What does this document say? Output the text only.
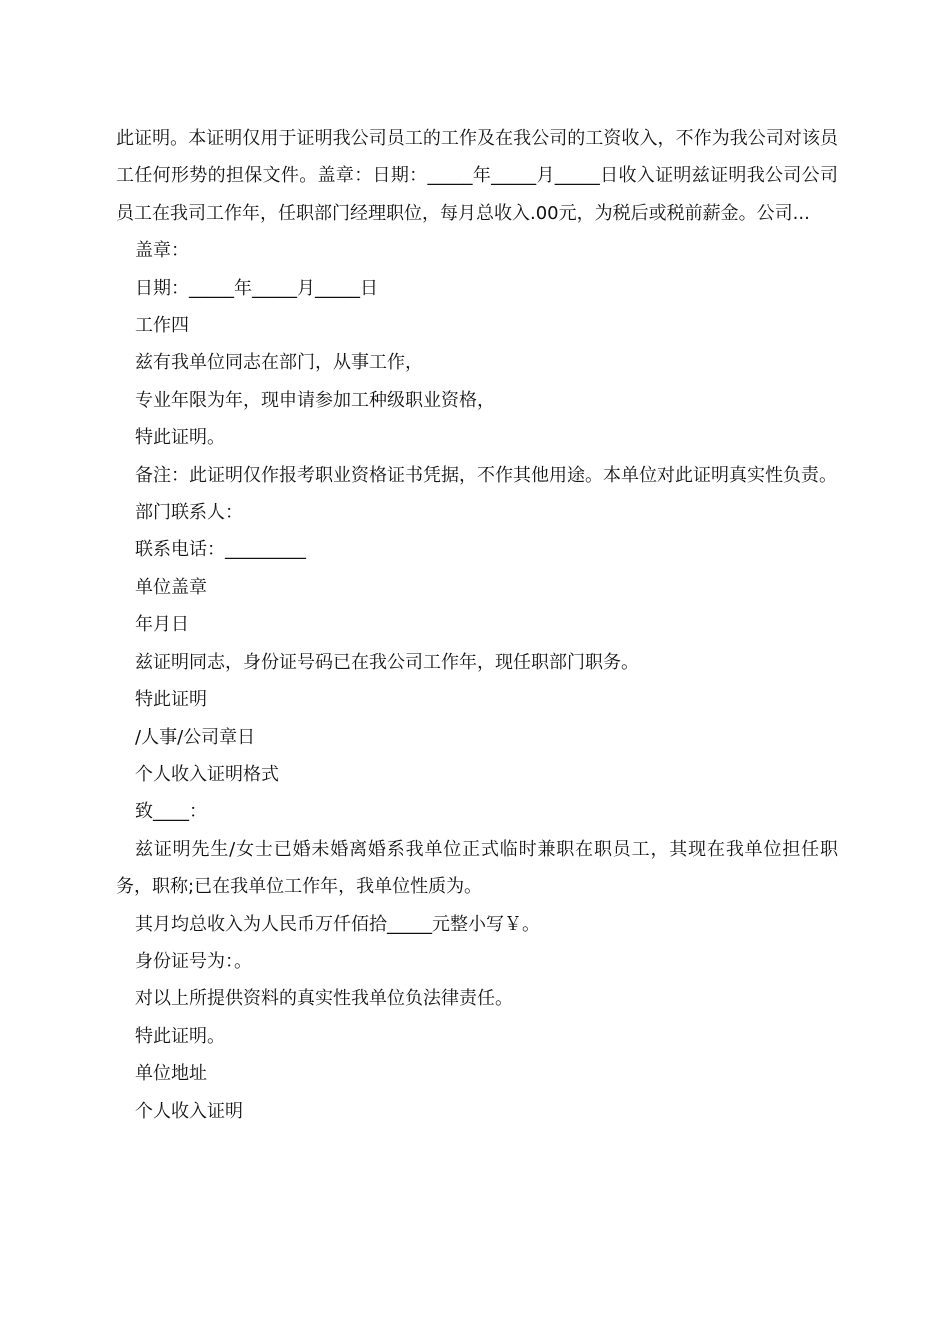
此证明。本证明仅用于证明我公司员工的工作及在我公司的工资收入，不作为我公司对该员工任何形势的担保文件。盖章：日期：_____年_____月_____日收入证明兹证明我公司公司员工在我司工作年，任职部门经理职位，每月总收入.00元，为税后或税前薪金。公司...

盖章：

日期：_____年_____月_____日

工作四

兹有我单位同志在部门，从事工作，

专业年限为年，现申请参加工种级职业资格，

特此证明。

备注：此证明仅作报考职业资格证书凭据，不作其他用途。本单位对此证明真实性负责。

部门联系人：

联系电话：_________

单位盖章

年月日

兹证明同志，身份证号码已在我公司工作年，现任职部门职务。

特此证明

/人事/公司章日

个人收入证明格式

致____：

兹证明先生/女士已婚未婚离婚系我单位正式临时兼职在职员工，其现在我单位担任职务，职称;已在我单位工作年，我单位性质为。

其月均总收入为人民币万仟佰拾_____元整小写￥。

身份证号为：。

对以上所提供资料的真实性我单位负法律责任。

特此证明。

单位地址

个人收入证明
